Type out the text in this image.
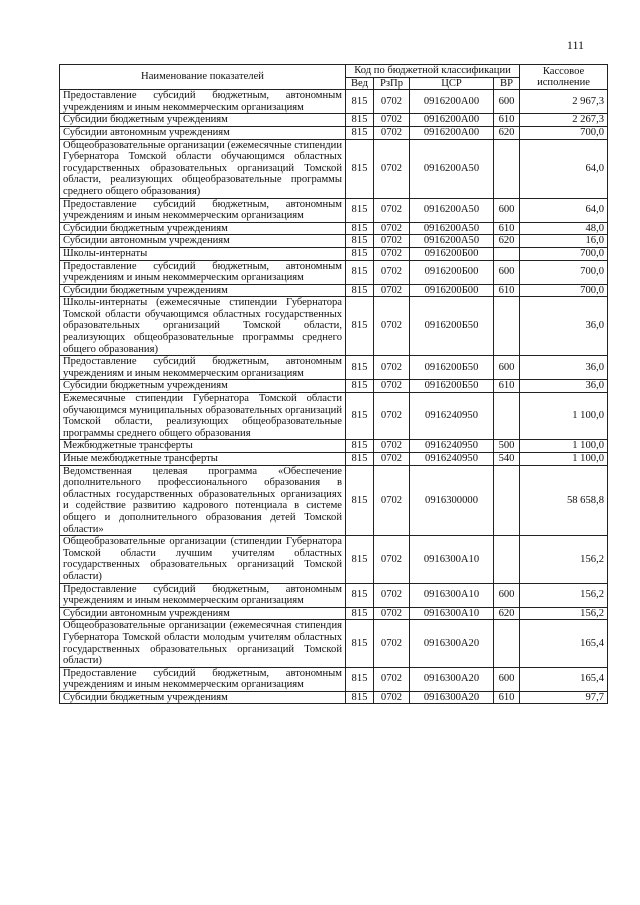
111
Наименование показателей	Код по бюджетной классификации				Кассовое исполнение
	Вед	РзПр	ЦСР	ВР	
Предоставление субсидий бюджетным, автономным учреждениям и иным некоммерческим организациям	815	0702	0916200А00	600	2 967,3
Субсидии бюджетным учреждениям	815	0702	0916200А00	610	2 267,3
Субсидии автономным учреждениям	815	0702	0916200А00	620	700,0
Общеобразовательные организации (ежемесячные стипендии Губернатора Томской области обучающимся областных государственных образовательных организаций Томской области, реализующих общеобразовательные программы среднего общего образования)	815	0702	0916200А50		64,0
Предоставление субсидий бюджетным, автономным учреждениям и иным некоммерческим организациям	815	0702	0916200А50	600	64,0
Субсидии бюджетным учреждениям	815	0702	0916200А50	610	48,0
Субсидии автономным учреждениям	815	0702	0916200А50	620	16,0
Школы-интернаты	815	0702	0916200Б00		700,0
Предоставление субсидий бюджетным, автономным учреждениям и иным некоммерческим организациям	815	0702	0916200Б00	600	700,0
Субсидии бюджетным учреждениям	815	0702	0916200Б00	610	700,0
Школы-интернаты (ежемесячные стипендии Губернатора Томской области обучающимся областных государственных образовательных организаций Томской области, реализующих общеобразовательные программы среднего общего образования)	815	0702	0916200Б50		36,0
Предоставление субсидий бюджетным, автономным учреждениям и иным некоммерческим организациям	815	0702	0916200Б50	600	36,0
Субсидии бюджетным учреждениям	815	0702	0916200Б50	610	36,0
Ежемесячные стипендии Губернатора Томской области обучающимся муниципальных образовательных организаций Томской области, реализующих общеобразовательные программы среднего общего образования	815	0702	0916240950		1 100,0
Межбюджетные трансферты	815	0702	0916240950	500	1 100,0
Иные межбюджетные трансферты	815	0702	0916240950	540	1 100,0
Ведомственная целевая программа «Обеспечение дополнительного профессионального образования в областных государственных образовательных организациях и содействие развитию кадрового потенциала в системе общего и дополнительного образования детей Томской области»	815	0702	0916300000		58 658,8
Общеобразовательные организации (стипендии Губернатора Томской области лучшим учителям областных государственных образовательных организаций Томской области)	815	0702	0916300А10		156,2
Предоставление субсидий бюджетным, автономным учреждениям и иным некоммерческим организациям	815	0702	0916300А10	600	156,2
Субсидии автономным учреждениям	815	0702	0916300А10	620	156,2
Общеобразовательные организации (ежемесячная стипендия Губернатора Томской области молодым учителям областных государственных образовательных организаций Томской области)	815	0702	0916300А20		165,4
Предоставление субсидий бюджетным, автономным учреждениям и иным некоммерческим организациям	815	0702	0916300А20	600	165,4
Субсидии бюджетным учреждениям	815	0702	0916300А20	610	97,7
